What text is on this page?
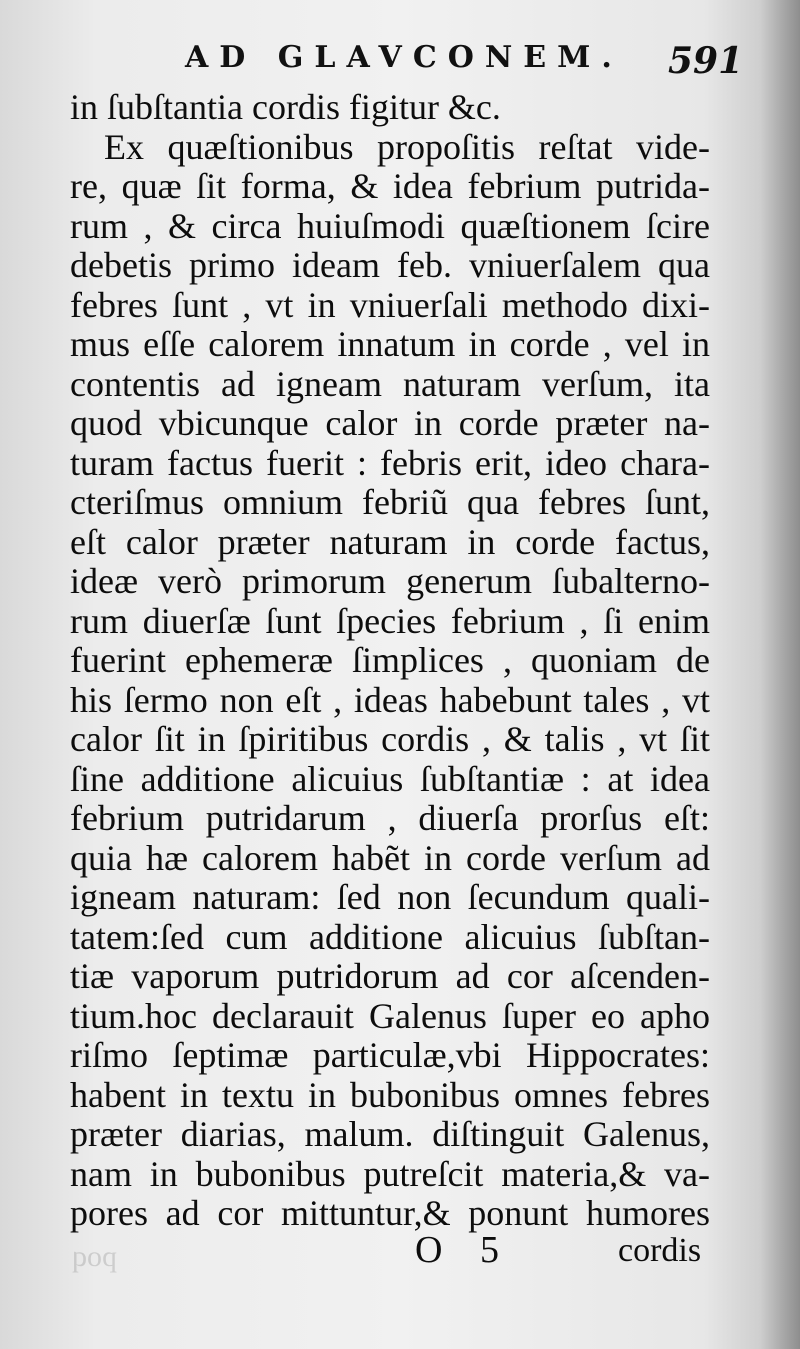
AD GLAVCONEM. 591
in ſubſtantia cordis figitur &c.
Ex quæſtionibus propoſitis reſtat vide-
re, quæ ſit forma, & idea febrium putrida-
rum , & circa huiuſmodi quæſtionem ſcire
debetis primo ideam feb. vniuerſalem qua
febres ſunt , vt in vniuerſali methodo dixi-
mus eſſe calorem innatum in corde , vel in
contentis ad igneam naturam verſum, ita
quod vbicunque calor in corde præter na-
turam factus fuerit : febris erit, ideo chara-
cteriſmus omnium febriũ qua febres ſunt,
eſt calor præter naturam in corde factus,
ideæ verò primorum generum ſubalterno-
rum diuerſæ ſunt ſpecies febrium , ſi enim
fuerint ephemeræ ſimplices , quoniam de
his ſermo non eſt , ideas habebunt tales , vt
calor ſit in ſpiritibus cordis , & talis , vt ſit
ſine additione alicuius ſubſtantiæ : at idea
febrium putridarum , diuerſa prorſus eſt:
quia hæ calorem habẽt in corde verſum ad
igneam naturam: ſed non ſecundum quali-
tatem:ſed cum additione alicuius ſubſtan-
tiæ vaporum putridorum ad cor aſcenden-
tium.hoc declarauit Galenus ſuper eo apho
riſmo ſeptimæ particulæ,vbi Hippocrates:
habent in textu in bubonibus omnes febres
præter diarias, malum. diſtinguit Galenus,
nam in bubonibus putreſcit materia,& va-
pores ad cor mittuntur,& ponunt humores
poq	O 5	cordis
